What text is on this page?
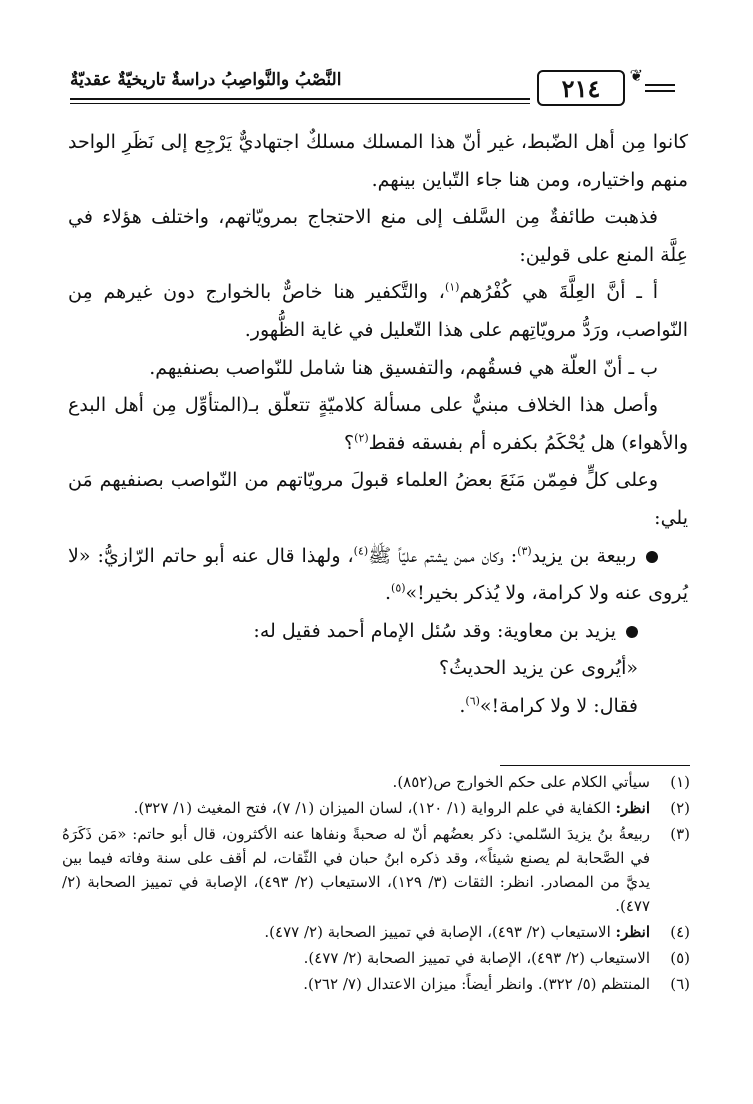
❦
٢١٤
النَّصْبُ والنَّواصِبُ دراسةٌ تاريخيّةٌ عقديّةٌ

كانوا مِن أهل الضّبط، غير أنّ هذا المسلك مسلكٌ اجتهاديٌّ يَرْجِع إلى نَظَرِ الواحد منهم واختياره، ومن هنا جاء التّباين بينهم.

فذهبت طائفةٌ مِن السَّلف إلى منع الاحتجاج بمرويّاتهم، واختلف هؤلاء في عِلَّة المنع على قولين:

أ ـ أنَّ العِلَّةَ هي كُفْرُهم$^{(١)}$، والتَّكفير هنا خاصٌّ بالخوارج دون غيرهم مِن النّواصب، ورَدُّ مرويّاتِهم على هذا التّعليل في غاية الظُّهور.

ب ـ أنّ العلّة هي فسقُهم، والتفسيق هنا شامل للنّواصب بصنفيهم.

وأصل هذا الخلاف مبنيٌّ على مسألة كلاميّةٍ تتعلّق بـ(المتأوِّل مِن أهل البدع والأهواء) هل يُحْكَمُ بكفره أم بفسقه فقط$^{(٢)}$؟

وعلى كلٍّ فمِمّن مَنَعَ بعضُ العلماء قبولَ مرويّاتهم من النّواصب بصنفيهم مَن يلي:

ربيعة بن يزيد$^{(٣)}$: وكان ممن يشتم عليّاً ﷺ$^{(٤)}$، ولهذا قال عنه أبو حاتم الرّازيُّ: «لا يُروى عنه ولا كرامة، ولا يُذكر بخير!»$^{(٥)}$.

يزيد بن معاوية: وقد سُئل الإمام أحمد فقيل له:

«أيُروى عن يزيد الحديثُ؟

فقال: لا ولا كرامة!»$^{(٦)}$.

(١)
سيأتي الكلام على حكم الخوارج ص(٨٥٢).
(٢)
انظر: الكفاية في علم الرواية (١/ ١٢٠)، لسان الميزان (١/ ٧)، فتح المغيث (١/ ٣٢٧).
(٣)
ربيعةُ بنُ يزيدَ السّلمي: ذكر بعضُهم أنّ له صحبةً ونفاها عنه الأكثرون، قال أبو حاتم: «مَن ذَكَرَهُ في الصَّحابة لم يصنع شيئاً»، وقد ذكره ابنُ حبان في الثّقات، لم أقف على سنة وفاته فيما بين يديَّ من المصادر. انظر: الثقات (٣/ ١٢٩)، الاستيعاب (٢/ ٤٩٣)، الإصابة في تمييز الصحابة (٢/ ٤٧٧).
(٤)
انظر: الاستيعاب (٢/ ٤٩٣)، الإصابة في تمييز الصحابة (٢/ ٤٧٧).
(٥)
الاستيعاب (٢/ ٤٩٣)، الإصابة في تمييز الصحابة (٢/ ٤٧٧).
(٦)
المنتظم (٥/ ٣٢٢). وانظر أيضاً: ميزان الاعتدال (٧/ ٢٦٢).
